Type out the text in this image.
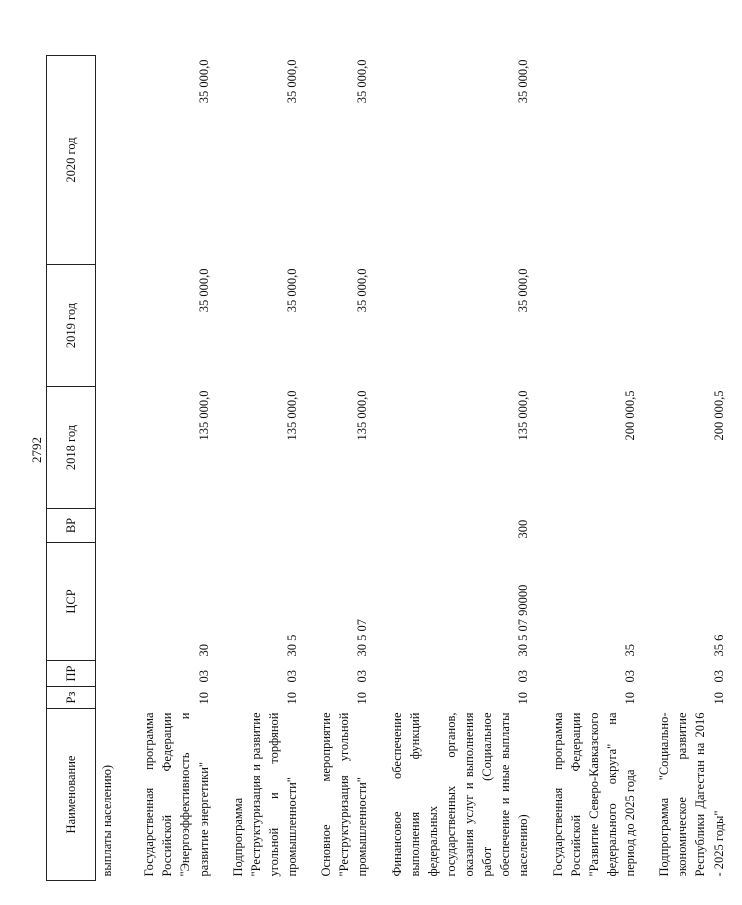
2792
Наименование	Рз	ПР	ЦСР	ВР	2018 год	2019 год	2020 год
выплаты населению)							
Государственная программа Российской Федерации "Энергоэффективность и развитие энергетики"	10	03	30		135 000,0	35 000,0	35 000,0
Подпрограмма "Реструктуризация и развитие угольной и торфяной промышленности"	10	03	30 5		135 000,0	35 000,0	35 000,0
Основное мероприятие "Реструктуризация угольной промышленности"	10	03	30 5 07		135 000,0	35 000,0	35 000,0
Финансовое обеспечение выполнения функций федеральных государственных органов, оказания услуг и выполнения работ (Социальное обеспечение и иные выплаты населению)	10	03	30 5 07 90000	300	135 000,0	35 000,0	35 000,0
Государственная программа Российской Федерации "Развитие Северо-Кавказского федерального округа" на период до 2025 года	10	03	35		200 000,5		
Подпрограмма "Социально-экономическое развитие Республики Дагестан на 2016 - 2025 годы"	10	03	35 6		200 000,5		
